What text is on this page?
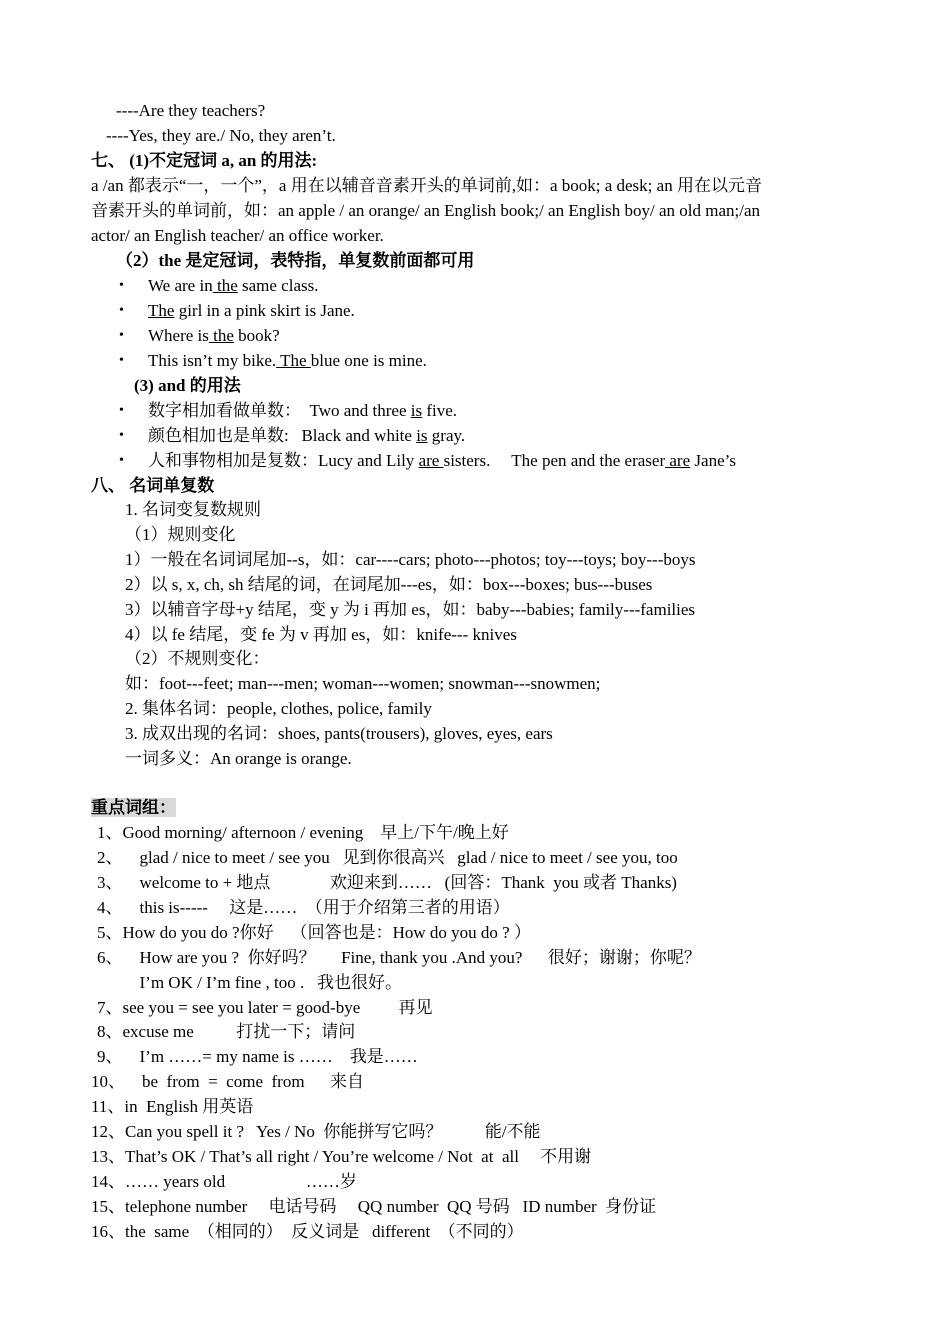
----Are they teachers?
----Yes, they are./ No, they aren’t.
七、 (1)不定冠词 a, an 的用法:
a /an 都表示“一，一个”，a 用在以辅音音素开头的单词前,如：a book; a desk; an 用在以元音
音素开头的单词前，如：an apple / an orange/ an English book;/ an English boy/ an old man;/an
actor/ an English teacher/ an office worker.
（2）the 是定冠词，表特指，单复数前面都可用
• We are in the same class.
• The girl in a pink skirt is Jane.
• Where is the book?
• This isn’t my bike. The blue one is mine.
(3) and 的用法
• 数字相加看做单数：  Two and three is five.
• 颜色相加也是单数:   Black and white is gray.
• 人和事物相加是复数：Lucy and Lily are sisters.     The pen and the eraser are Jane’s
八、 名词单复数
1. 名词变复数规则
（1）规则变化
1）一般在名词词尾加--s，如：car----cars; photo---photos; toy---toys; boy---boys
2）以 s, x, ch, sh 结尾的词，在词尾加---es，如：box---boxes; bus---buses
3）以辅音字母+y 结尾，变 y 为 i 再加 es，如：baby---babies; family---families
4）以 fe 结尾，变 fe 为 v 再加 es，如：knife--- knives
（2）不规则变化：
如：foot---feet; man---men; woman---women; snowman---snowmen;
2. 集体名词：people, clothes, police, family
3. 成双出现的名词：shoes, pants(trousers), gloves, eyes, ears
一词多义：An orange is orange.
重点词组：
1、Good morning/ afternoon / evening    早上/下午/晚上好
2、    glad / nice to meet / see you   见到你很高兴   glad / nice to meet / see you, too
3、    welcome to + 地点              欢迎来到……   (回答：Thank  you 或者 Thanks)
4、    this is-----     这是……  （用于介绍第三者的用语）
5、How do you do ?你好    （回答也是：How do you do ? ）
6、    How are you ?  你好吗？      Fine, thank you .And you?      很好；谢谢；你呢？
I’m OK / I’m fine , too .   我也很好。
7、see you = see you later = good-bye         再见
8、excuse me          打扰一下；请问
9、    I’m ……= my name is ……    我是……
10、    be  from  =  come  from      来自
11、in  English 用英语
12、Can you spell it ?   Yes / No  你能拼写它吗？          能/不能
13、That’s OK / That’s all right / You’re welcome / Not  at  all     不用谢
14、…… years old                   ……岁
15、telephone number     电话号码     QQ number  QQ 号码   ID number  身份证
16、the  same  （相同的）  反义词是   different  （不同的）
